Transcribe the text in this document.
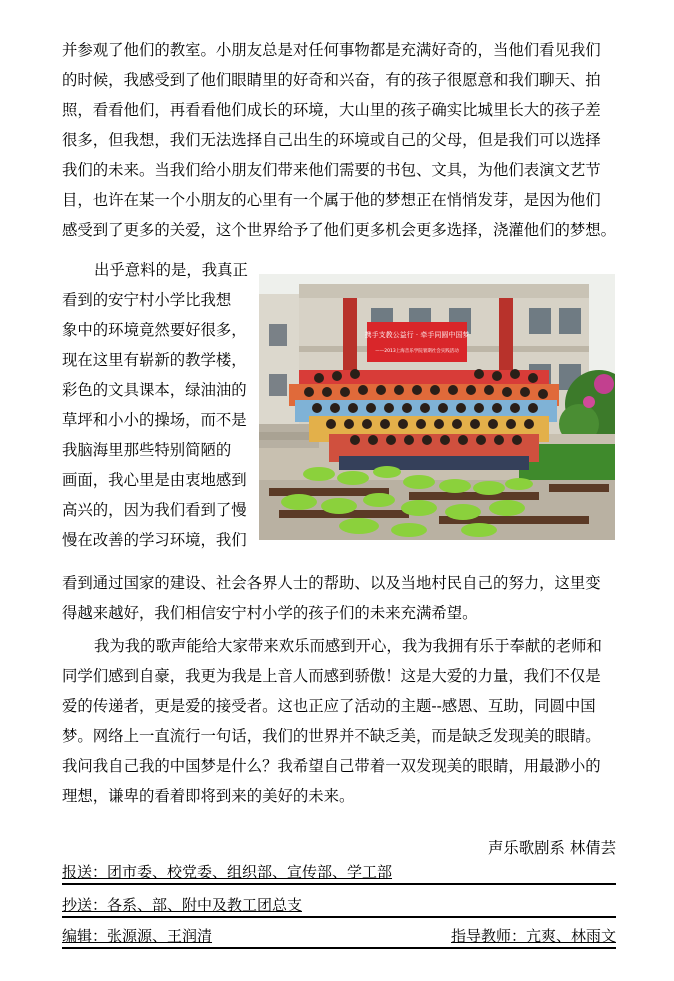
并参观了他们的教室。小朋友总是对任何事物都是充满好奇的，当他们看见我们
的时候，我感受到了他们眼睛里的好奇和兴奋，有的孩子很愿意和我们聊天、拍
照，看看他们，再看看他们成长的环境，大山里的孩子确实比城里长大的孩子差
很多，但我想，我们无法选择自己出生的环境或自己的父母，但是我们可以选择
我们的未来。当我们给小朋友们带来他们需要的书包、文具，为他们表演文艺节
目，也许在某一个小朋友的心里有一个属于他的梦想正在悄悄发芽，是因为他们
感受到了更多的关爱，这个世界给予了他们更多机会更多选择，浇灌他们的梦想。
出乎意料的是，我真正
看到的安宁村小学比我想
象中的环境竟然要好很多，
现在这里有崭新的教学楼，
彩色的文具课本，绿油油的
草坪和小小的操场，而不是
我脑海里那些特别简陋的
画面，我心里是由衷地感到
高兴的，因为我们看到了慢
慢在改善的学习环境，我们
携手支教公益行 · 牵手同圆中国梦
——2013上海音乐学院暑期社会实践活动
看到通过国家的建设、社会各界人士的帮助、以及当地村民自己的努力，这里变
得越来越好，我们相信安宁村小学的孩子们的未来充满希望。
我为我的歌声能给大家带来欢乐而感到开心，我为我拥有乐于奉献的老师和
同学们感到自豪，我更为我是上音人而感到骄傲！这是大爱的力量，我们不仅是
爱的传递者，更是爱的接受者。这也正应了活动的主题--感恩、互助，同圆中国
梦。网络上一直流行一句话，我们的世界并不缺乏美，而是缺乏发现美的眼睛。
我问我自己我的中国梦是什么？我希望自己带着一双发现美的眼睛，用最渺小的
理想，谦卑的看着即将到来的美好的未来。
声乐歌剧系 林倩芸
报送：团市委、校党委、组织部、宣传部、学工部
抄送：各系、部、附中及教工团总支
编辑：张源源、王润清	指导教师：亢爽、林雨文
